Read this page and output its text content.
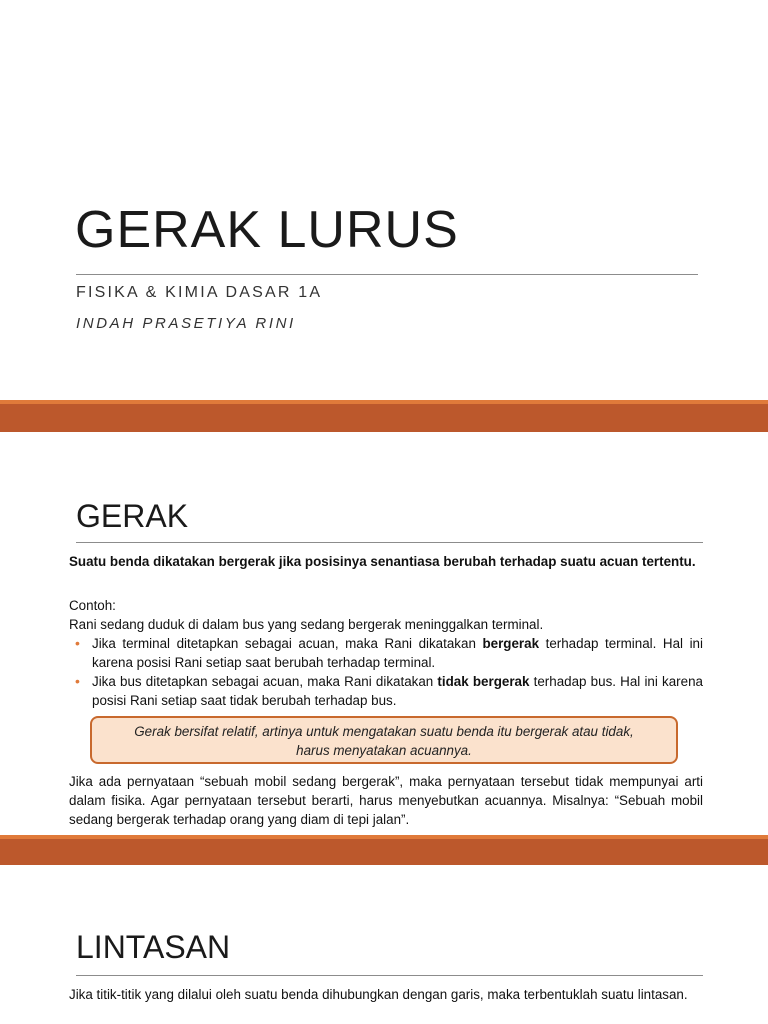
GERAK LURUS
FISIKA & KIMIA DASAR 1A
INDAH PRASETIYA RINI
GERAK
Suatu benda dikatakan bergerak jika posisinya senantiasa berubah terhadap suatu acuan tertentu.
Contoh:
Rani sedang duduk di dalam bus yang sedang bergerak meninggalkan terminal.
• Jika terminal ditetapkan sebagai acuan, maka Rani dikatakan bergerak terhadap terminal. Hal ini karena posisi Rani setiap saat berubah terhadap terminal.
• Jika bus ditetapkan sebagai acuan, maka Rani dikatakan tidak bergerak terhadap bus. Hal ini karena posisi Rani setiap saat tidak berubah terhadap bus.
Gerak bersifat relatif, artinya untuk mengatakan suatu benda itu bergerak atau tidak, harus menyatakan acuannya.
Jika ada pernyataan “sebuah mobil sedang bergerak”, maka pernyataan tersebut tidak mempunyai arti dalam fisika. Agar pernyataan tersebut berarti, harus menyebutkan acuannya. Misalnya: “Sebuah mobil sedang bergerak terhadap orang yang diam di tepi jalan”.
LINTASAN
Jika titik-titik yang dilalui oleh suatu benda dihubungkan dengan garis, maka terbentuklah suatu lintasan.
